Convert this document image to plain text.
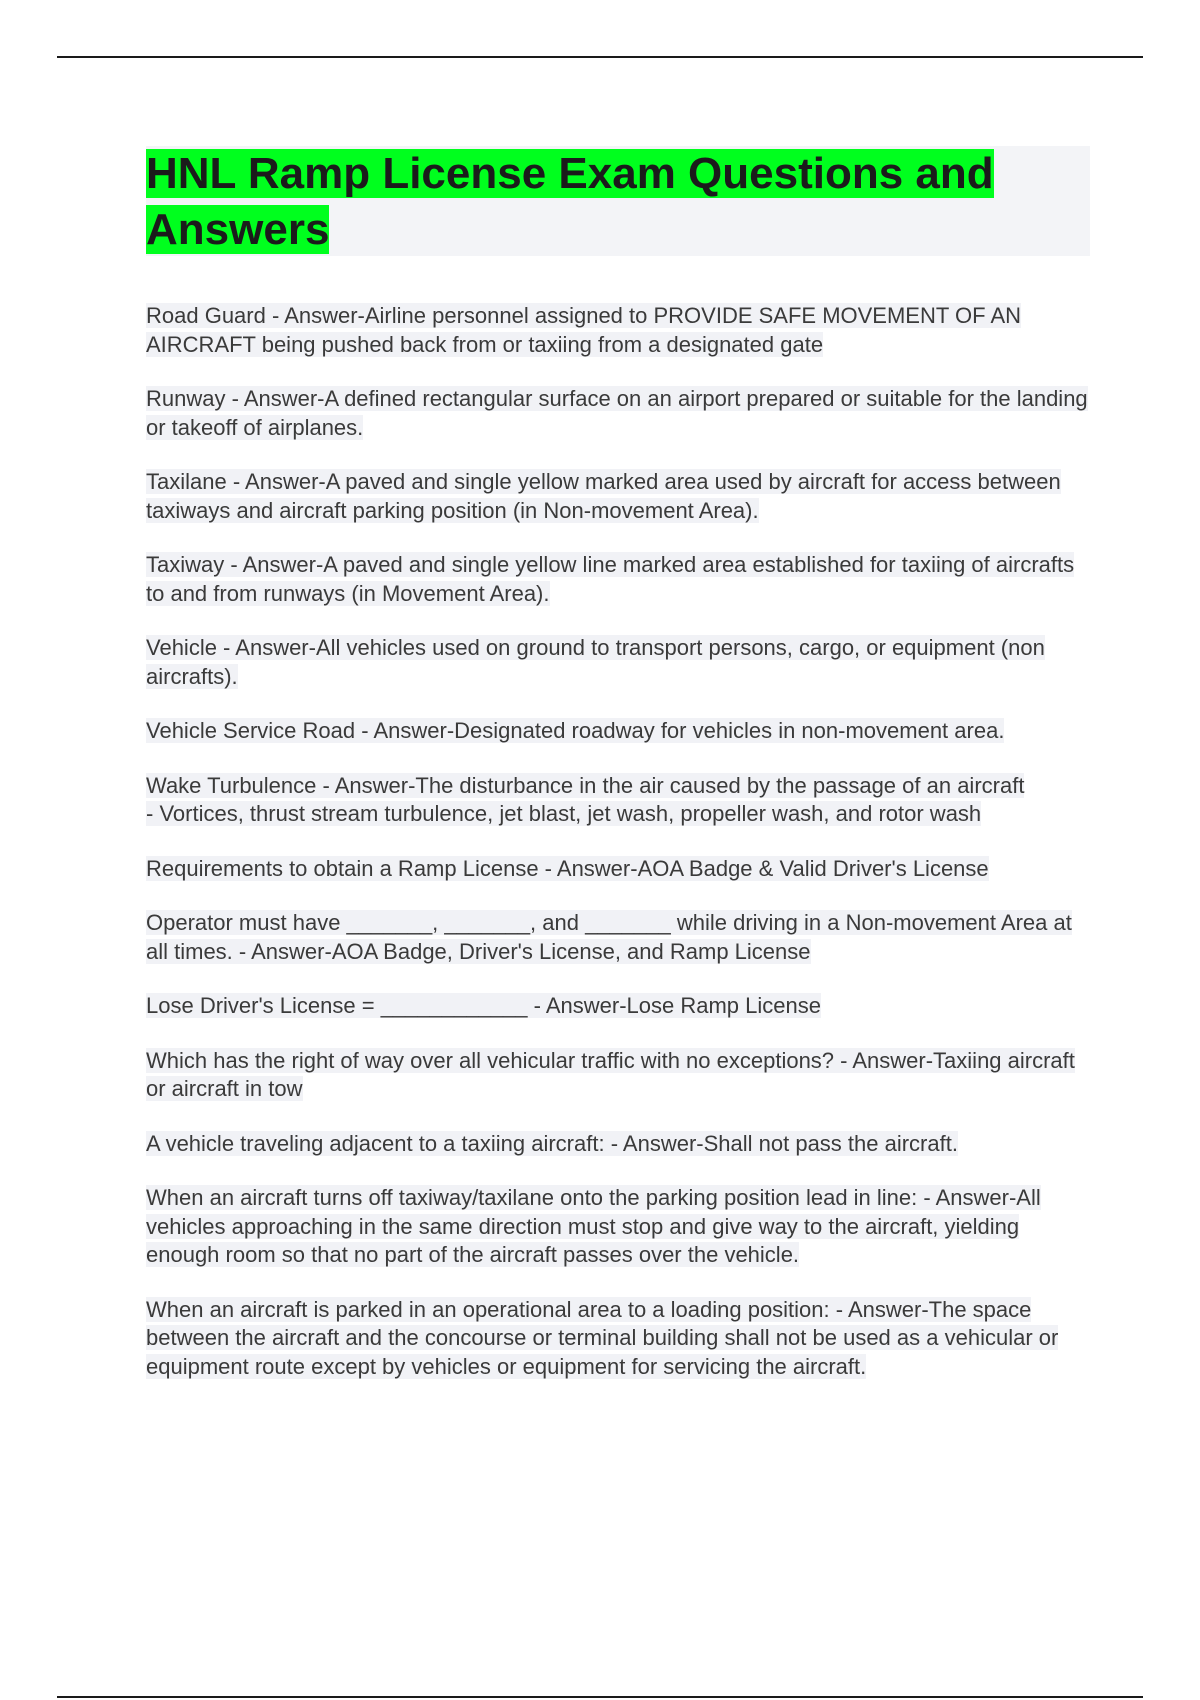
HNL Ramp License Exam Questions and Answers

Road Guard - Answer-Airline personnel assigned to PROVIDE SAFE MOVEMENT OF AN AIRCRAFT being pushed back from or taxiing from a designated gate

Runway - Answer-A defined rectangular surface on an airport prepared or suitable for the landing or takeoff of airplanes.

Taxilane - Answer-A paved and single yellow marked area used by aircraft for access between taxiways and aircraft parking position (in Non-movement Area).

Taxiway - Answer-A paved and single yellow line marked area established for taxiing of aircrafts to and from runways (in Movement Area).

Vehicle - Answer-All vehicles used on ground to transport persons, cargo, or equipment (non aircrafts).

Vehicle Service Road - Answer-Designated roadway for vehicles in non-movement area.

Wake Turbulence - Answer-The disturbance in the air caused by the passage of an aircraft
- Vortices, thrust stream turbulence, jet blast, jet wash, propeller wash, and rotor wash

Requirements to obtain a Ramp License - Answer-AOA Badge & Valid Driver's License

Operator must have _______, _______, and _______ while driving in a Non-movement Area at all times. - Answer-AOA Badge, Driver's License, and Ramp License

Lose Driver's License = ____________ - Answer-Lose Ramp License

Which has the right of way over all vehicular traffic with no exceptions? - Answer-Taxiing aircraft or aircraft in tow

A vehicle traveling adjacent to a taxiing aircraft: - Answer-Shall not pass the aircraft.

When an aircraft turns off taxiway/taxilane onto the parking position lead in line: - Answer-All vehicles approaching in the same direction must stop and give way to the aircraft, yielding enough room so that no part of the aircraft passes over the vehicle.

When an aircraft is parked in an operational area to a loading position: - Answer-The space between the aircraft and the concourse or terminal building shall not be used as a vehicular or equipment route except by vehicles or equipment for servicing the aircraft.
